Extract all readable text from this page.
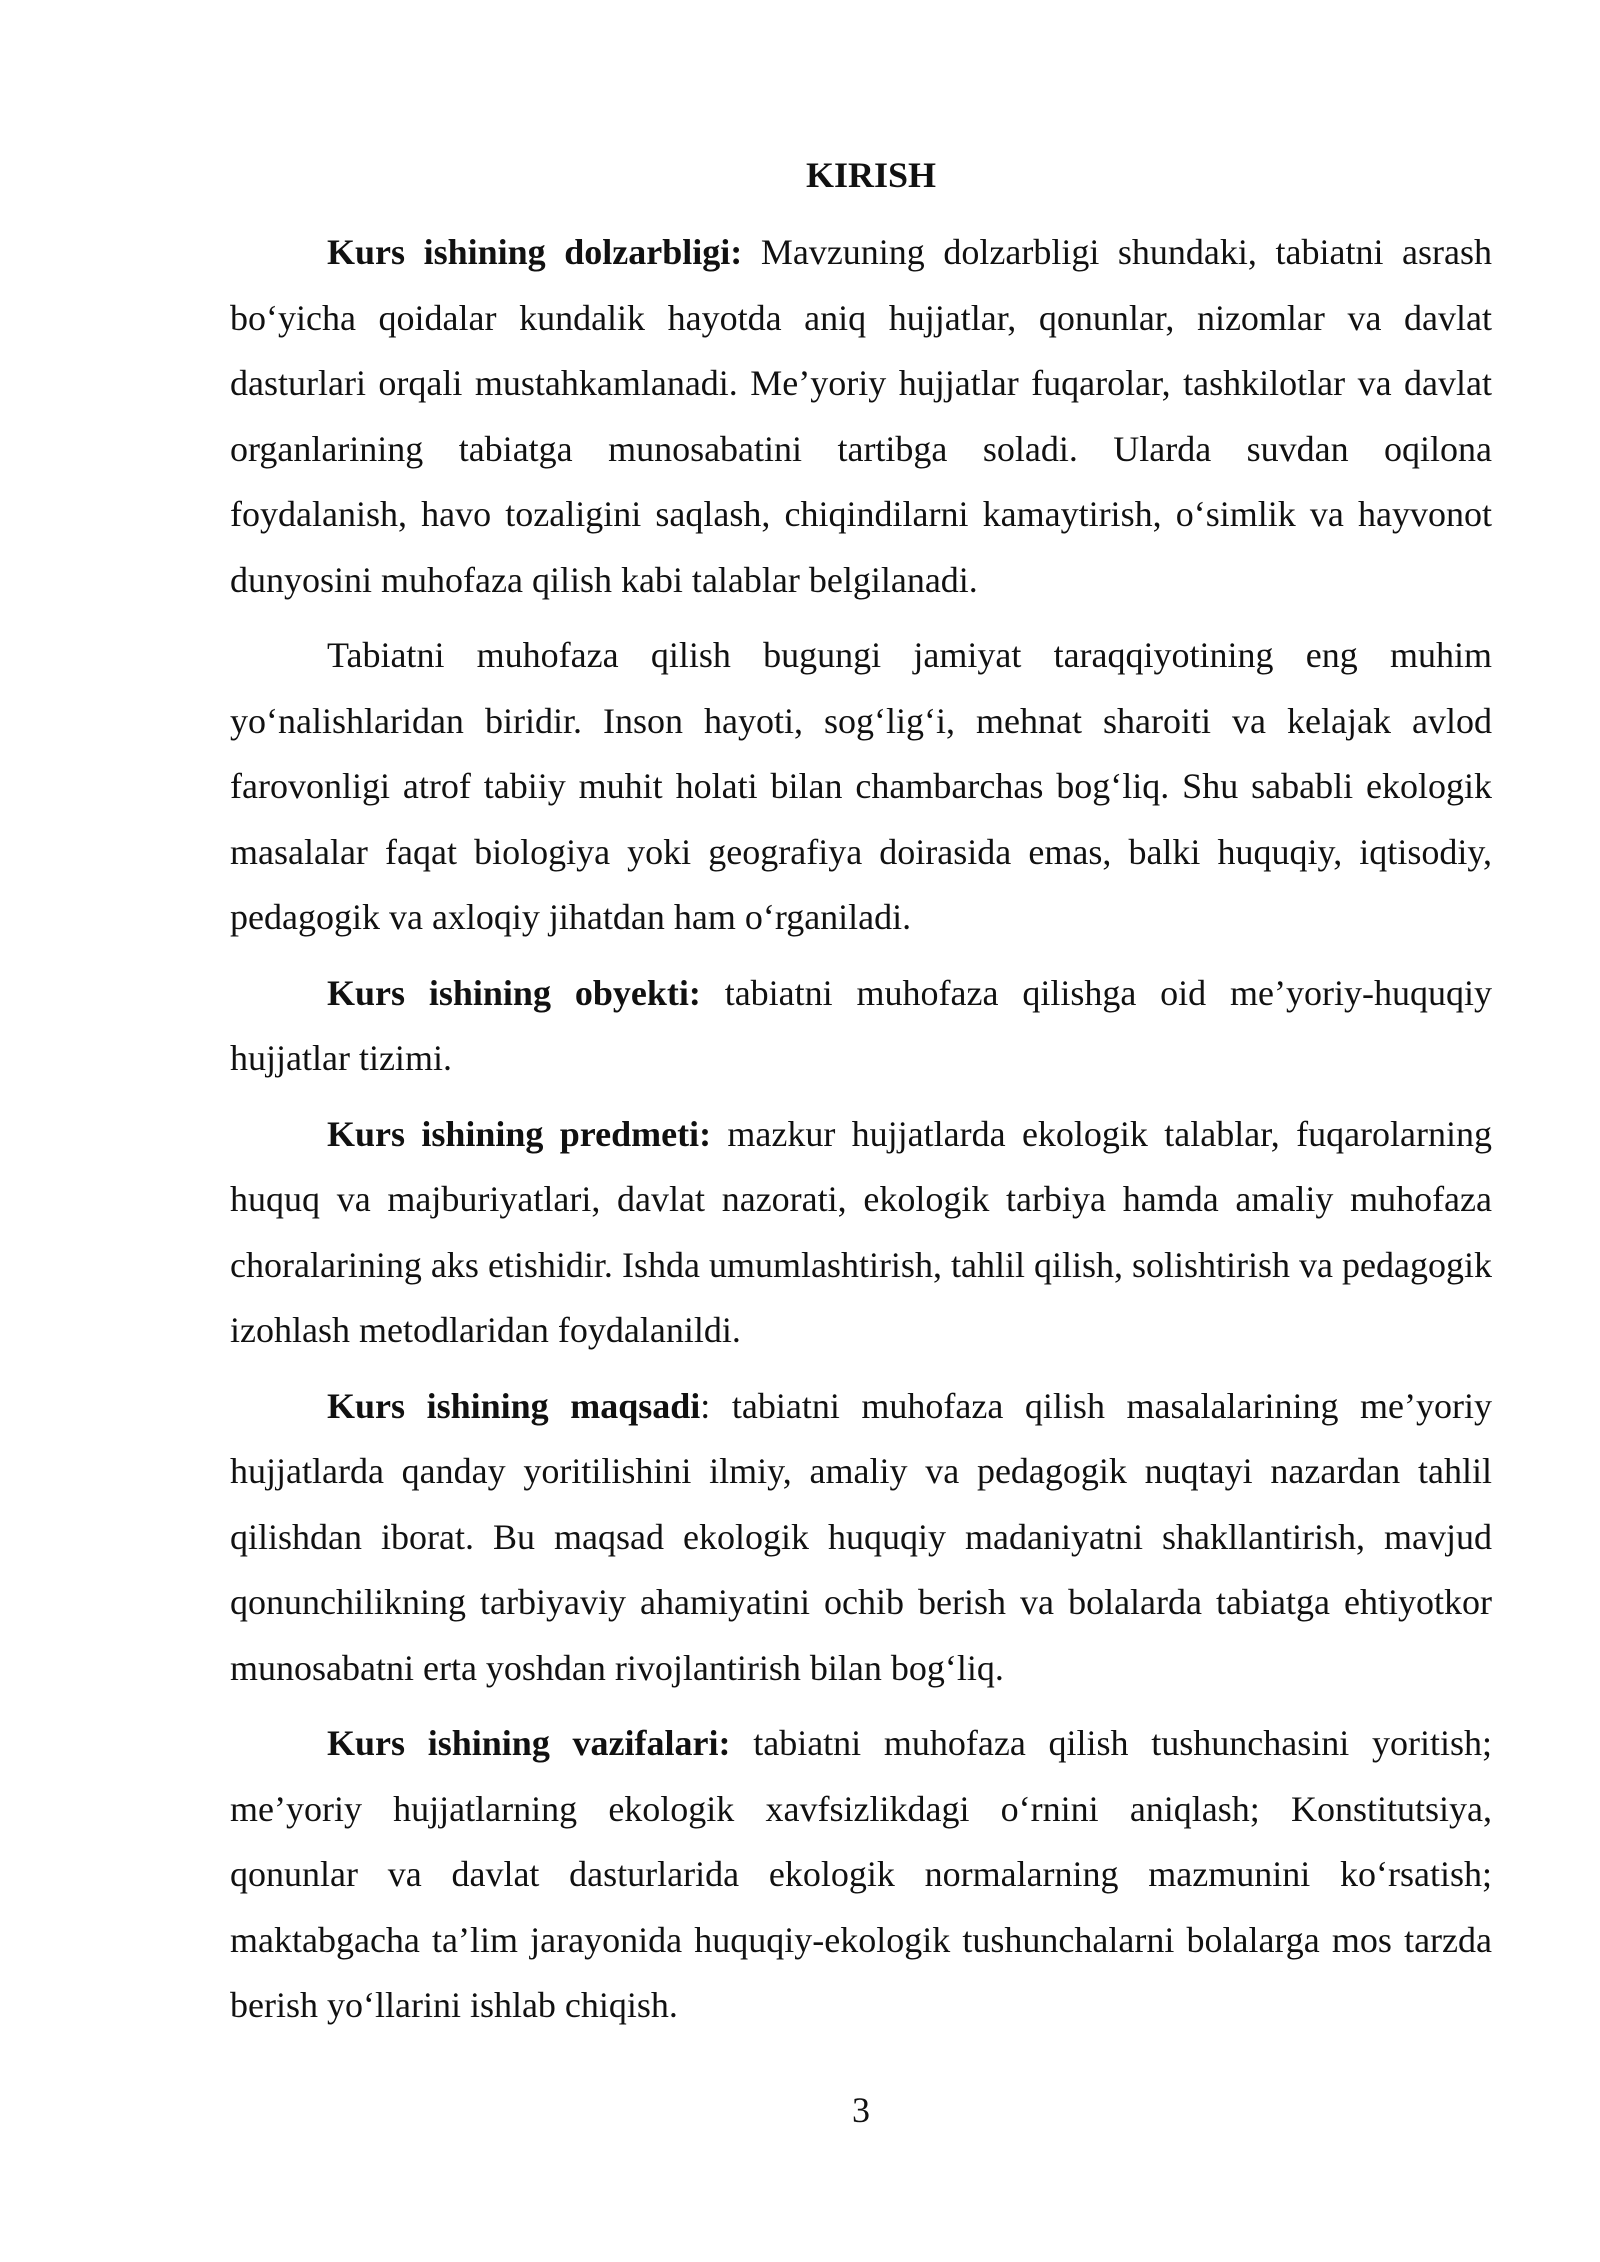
KIRISH

Kurs ishining dolzarbligi: Mavzuning dolzarbligi shundaki, tabiatni asrash bo‘yicha qoidalar kundalik hayotda aniq hujjatlar, qonunlar, nizomlar va davlat dasturlari orqali mustahkamlanadi. Me’yoriy hujjatlar fuqarolar, tashkilotlar va davlat organlarining tabiatga munosabatini tartibga soladi. Ularda suvdan oqilona foydalanish, havo tozaligini saqlash, chiqindilarni kamaytirish, o‘simlik va hayvonot dunyosini muhofaza qilish kabi talablar belgilanadi.

Tabiatni muhofaza qilish bugungi jamiyat taraqqiyotining eng muhim yo‘nalishlaridan biridir. Inson hayoti, sog‘lig‘i, mehnat sharoiti va kelajak avlod farovonligi atrof tabiiy muhit holati bilan chambarchas bog‘liq. Shu sababli ekologik masalalar faqat biologiya yoki geografiya doirasida emas, balki huquqiy, iqtisodiy, pedagogik va axloqiy jihatdan ham o‘rganiladi.

Kurs ishining obyekti: tabiatni muhofaza qilishga oid me’yoriy-huquqiy hujjatlar tizimi.

Kurs ishining predmeti: mazkur hujjatlarda ekologik talablar, fuqarolarning huquq va majburiyatlari, davlat nazorati, ekologik tarbiya hamda amaliy muhofaza choralarining aks etishidir. Ishda umumlashtirish, tahlil qilish, solishtirish va pedagogik izohlash metodlaridan foydalanildi.

Kurs ishining maqsadi: tabiatni muhofaza qilish masalalarining me’yoriy hujjatlarda qanday yoritilishini ilmiy, amaliy va pedagogik nuqtayi nazardan tahlil qilishdan iborat. Bu maqsad ekologik huquqiy madaniyatni shakllantirish, mavjud qonunchilikning tarbiyaviy ahamiyatini ochib berish va bolalarda tabiatga ehtiyotkor munosabatni erta yoshdan rivojlantirish bilan bog‘liq.

Kurs ishining vazifalari: tabiatni muhofaza qilish tushunchasini yoritish; me’yoriy hujjatlarning ekologik xavfsizlikdagi o‘rnini aniqlash; Konstitutsiya, qonunlar va davlat dasturlarida ekologik normalarning mazmunini ko‘rsatish; maktabgacha ta’lim jarayonida huquqiy-ekologik tushunchalarni bolalarga mos tarzda berish yo‘llarini ishlab chiqish.

3
